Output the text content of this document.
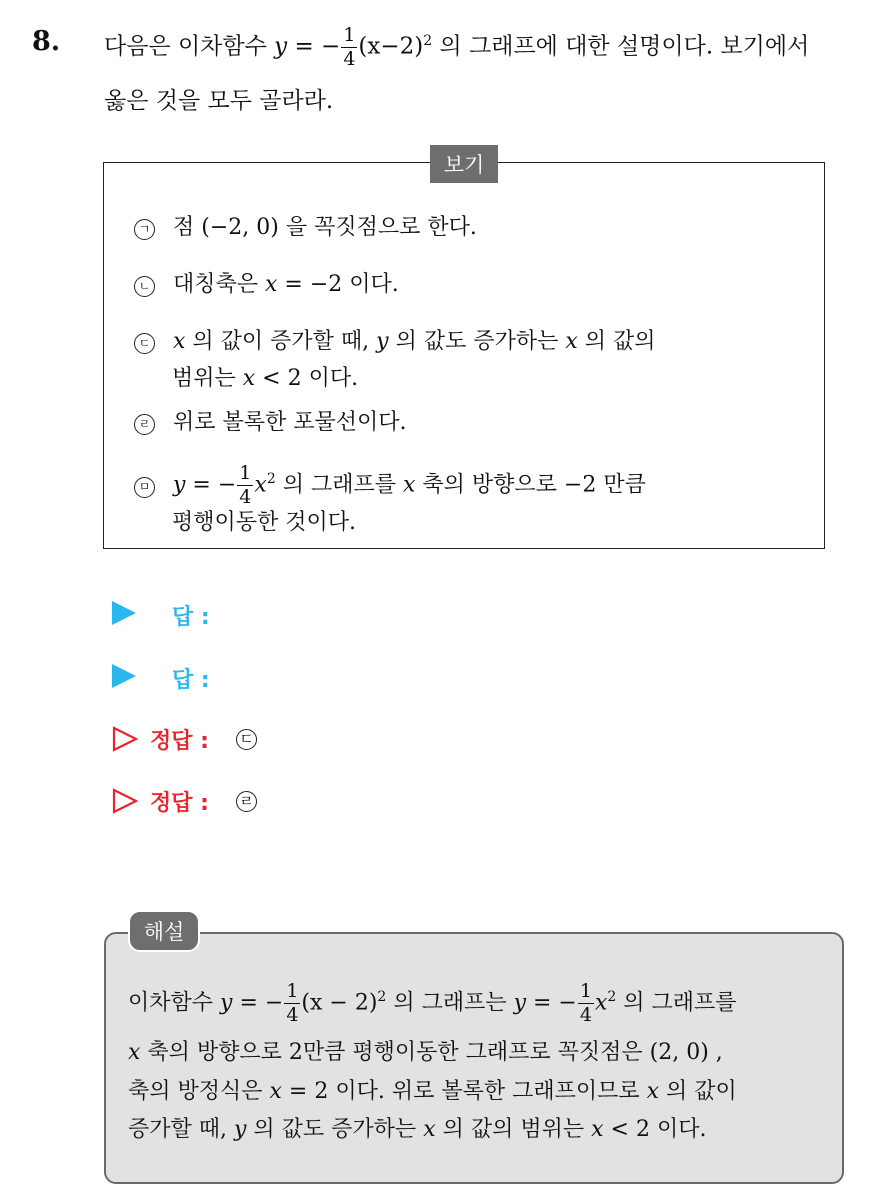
8. 다음은 이차함수 y = − $\frac{1}{4} (x-2)^2$ 의 그래프에 대한 설명이다. 보기에서
옳은 것을 모두 골라라.
보기
ㄱ 점 (−2, 0) 을 꼭짓점으로 한다.
ㄴ 대칭축은 x = −2 이다.
ㄷ x 의 값이 증가할 때, y 의 값도 증가하는 x 의 값의
범위는 x < 2 이다.
ㄹ 위로 볼록한 포물선이다.
ㅁ y = − $\frac{1}{4} x^2$ 의 그래프를 x 축의 방향으로 −2 만큼
평행이동한 것이다.
답 :
답 :
정답 : ㄷ
정답 : ㄹ
해설
이차함수 y = − $\frac{1}{4} (x - 2)^2$ 의 그래프는 y = − $\frac{1}{4} x^2$ 의 그래프를
x 축의 방향으로 2만큼 평행이동한 그래프로 꼭짓점은 (2, 0) ,
축의 방정식은 x = 2 이다. 위로 볼록한 그래프이므로 x 의 값이
증가할 때, y 의 값도 증가하는 x 의 값의 범위는 x < 2 이다.
